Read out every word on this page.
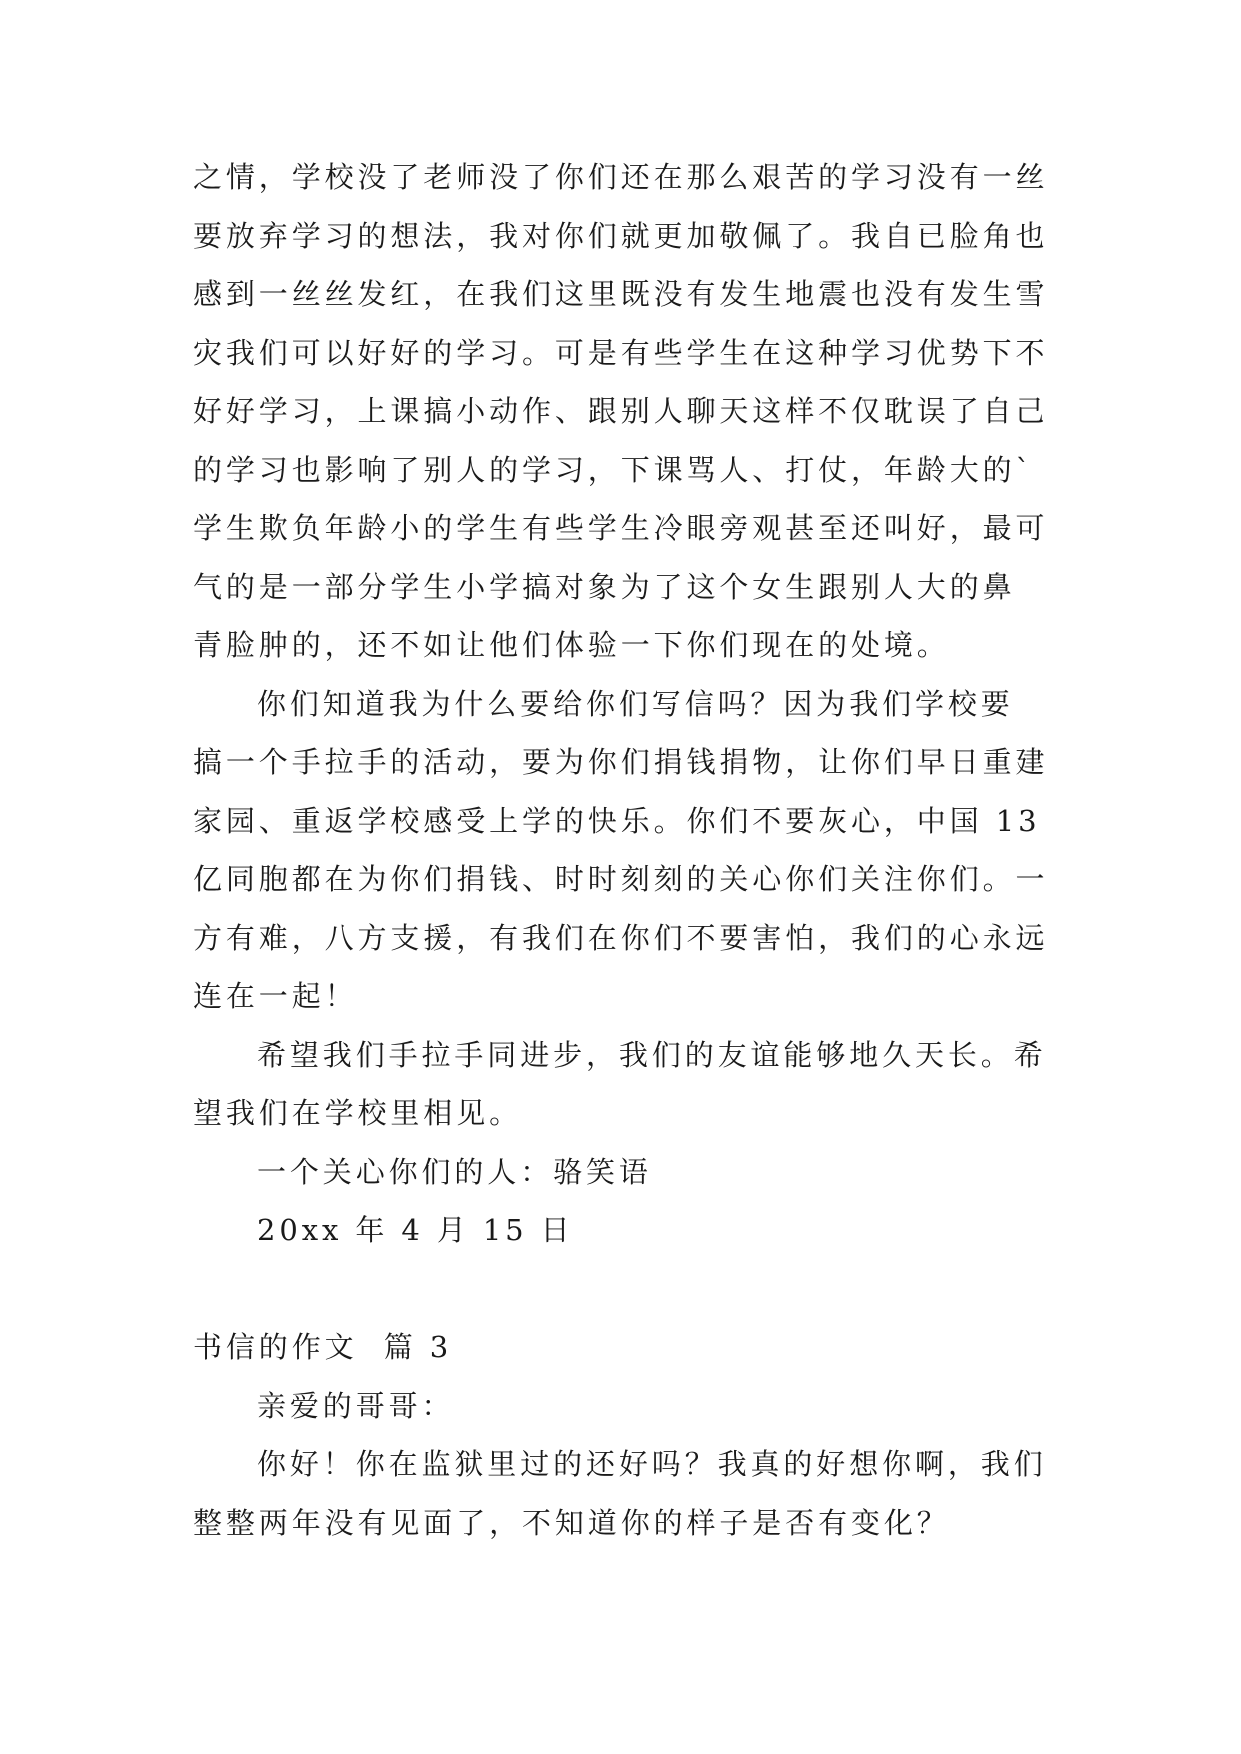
之情，学校没了老师没了你们还在那么艰苦的学习没有一丝
要放弃学习的想法，我对你们就更加敬佩了。我自已脸角也
感到一丝丝发红，在我们这里既没有发生地震也没有发生雪
灾我们可以好好的学习。可是有些学生在这种学习优势下不
好好学习，上课搞小动作、跟别人聊天这样不仅耽误了自己
的学习也影响了别人的学习，下课骂人、打仗，年龄大的`
学生欺负年龄小的学生有些学生冷眼旁观甚至还叫好，最可
气的是一部分学生小学搞对象为了这个女生跟别人大的鼻
青脸肿的，还不如让他们体验一下你们现在的处境。
你们知道我为什么要给你们写信吗？因为我们学校要
搞一个手拉手的活动，要为你们捐钱捐物，让你们早日重建
家园、重返学校感受上学的快乐。你们不要灰心，中国 13
亿同胞都在为你们捐钱、时时刻刻的关心你们关注你们。一
方有难，八方支援，有我们在你们不要害怕，我们的心永远
连在一起！
希望我们手拉手同进步，我们的友谊能够地久天长。希
望我们在学校里相见。
一个关心你们的人：骆笑语
20xx 年 4 月 15 日
书信的作文  篇 3
亲爱的哥哥：
你好！你在监狱里过的还好吗？我真的好想你啊，我们
整整两年没有见面了，不知道你的样子是否有变化？
